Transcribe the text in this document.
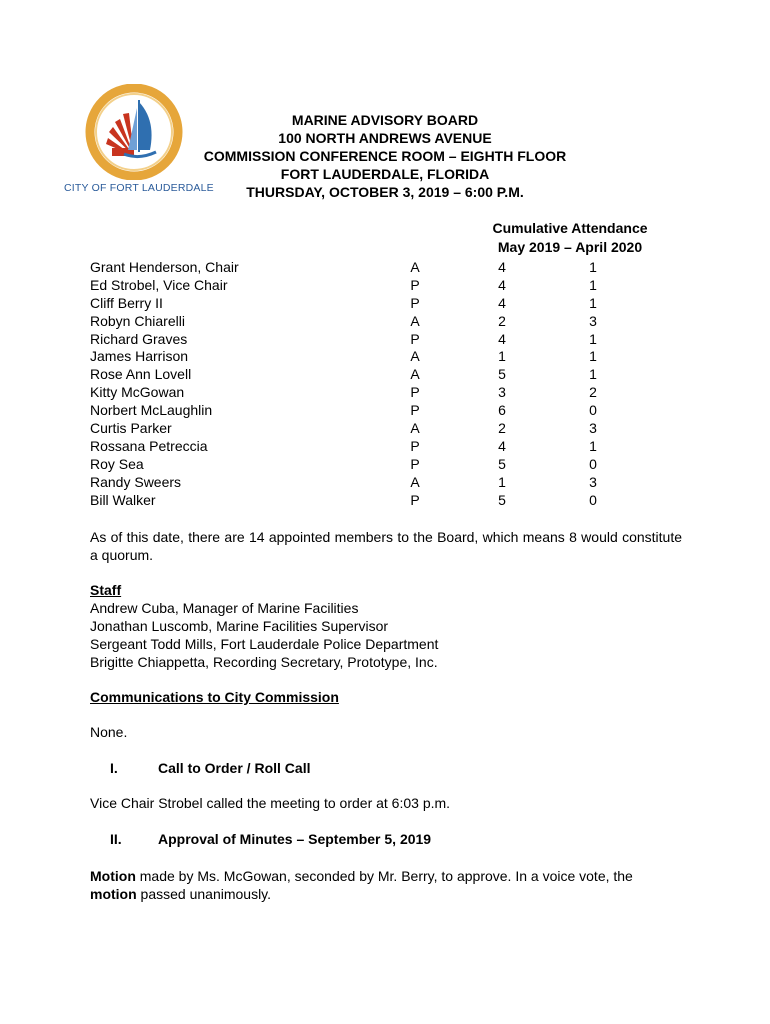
CITY OF FORT LAUDERDALE
MARINE ADVISORY BOARD
100 NORTH ANDREWS AVENUE
COMMISSION CONFERENCE ROOM – EIGHTH FLOOR
FORT LAUDERDALE, FLORIDA
THURSDAY, OCTOBER 3, 2019 – 6:00 P.M.
Cumulative Attendance
May 2019 – April 2020
Grant Henderson, Chair	A	4	1
Ed Strobel, Vice Chair	P	4	1
Cliff Berry II	P	4	1
Robyn Chiarelli	A	2	3
Richard Graves	P	4	1
James Harrison	A	1	1
Rose Ann Lovell	A	5	1
Kitty McGowan	P	3	2
Norbert McLaughlin	P	6	0
Curtis Parker	A	2	3
Rossana Petreccia	P	4	1
Roy Sea	P	5	0
Randy Sweers	A	1	3
Bill Walker	P	5	0
As of this date, there are 14 appointed members to the Board, which means 8 would constitute a quorum.
Staff
Andrew Cuba, Manager of Marine Facilities
Jonathan Luscomb, Marine Facilities Supervisor
Sergeant Todd Mills, Fort Lauderdale Police Department
Brigitte Chiappetta, Recording Secretary, Prototype, Inc.
Communications to City Commission
None.
I.	Call to Order / Roll Call
Vice Chair Strobel called the meeting to order at 6:03 p.m.
II.	Approval of Minutes – September 5, 2019
Motion made by Ms. McGowan, seconded by Mr. Berry, to approve. In a voice vote, the motion passed unanimously.
